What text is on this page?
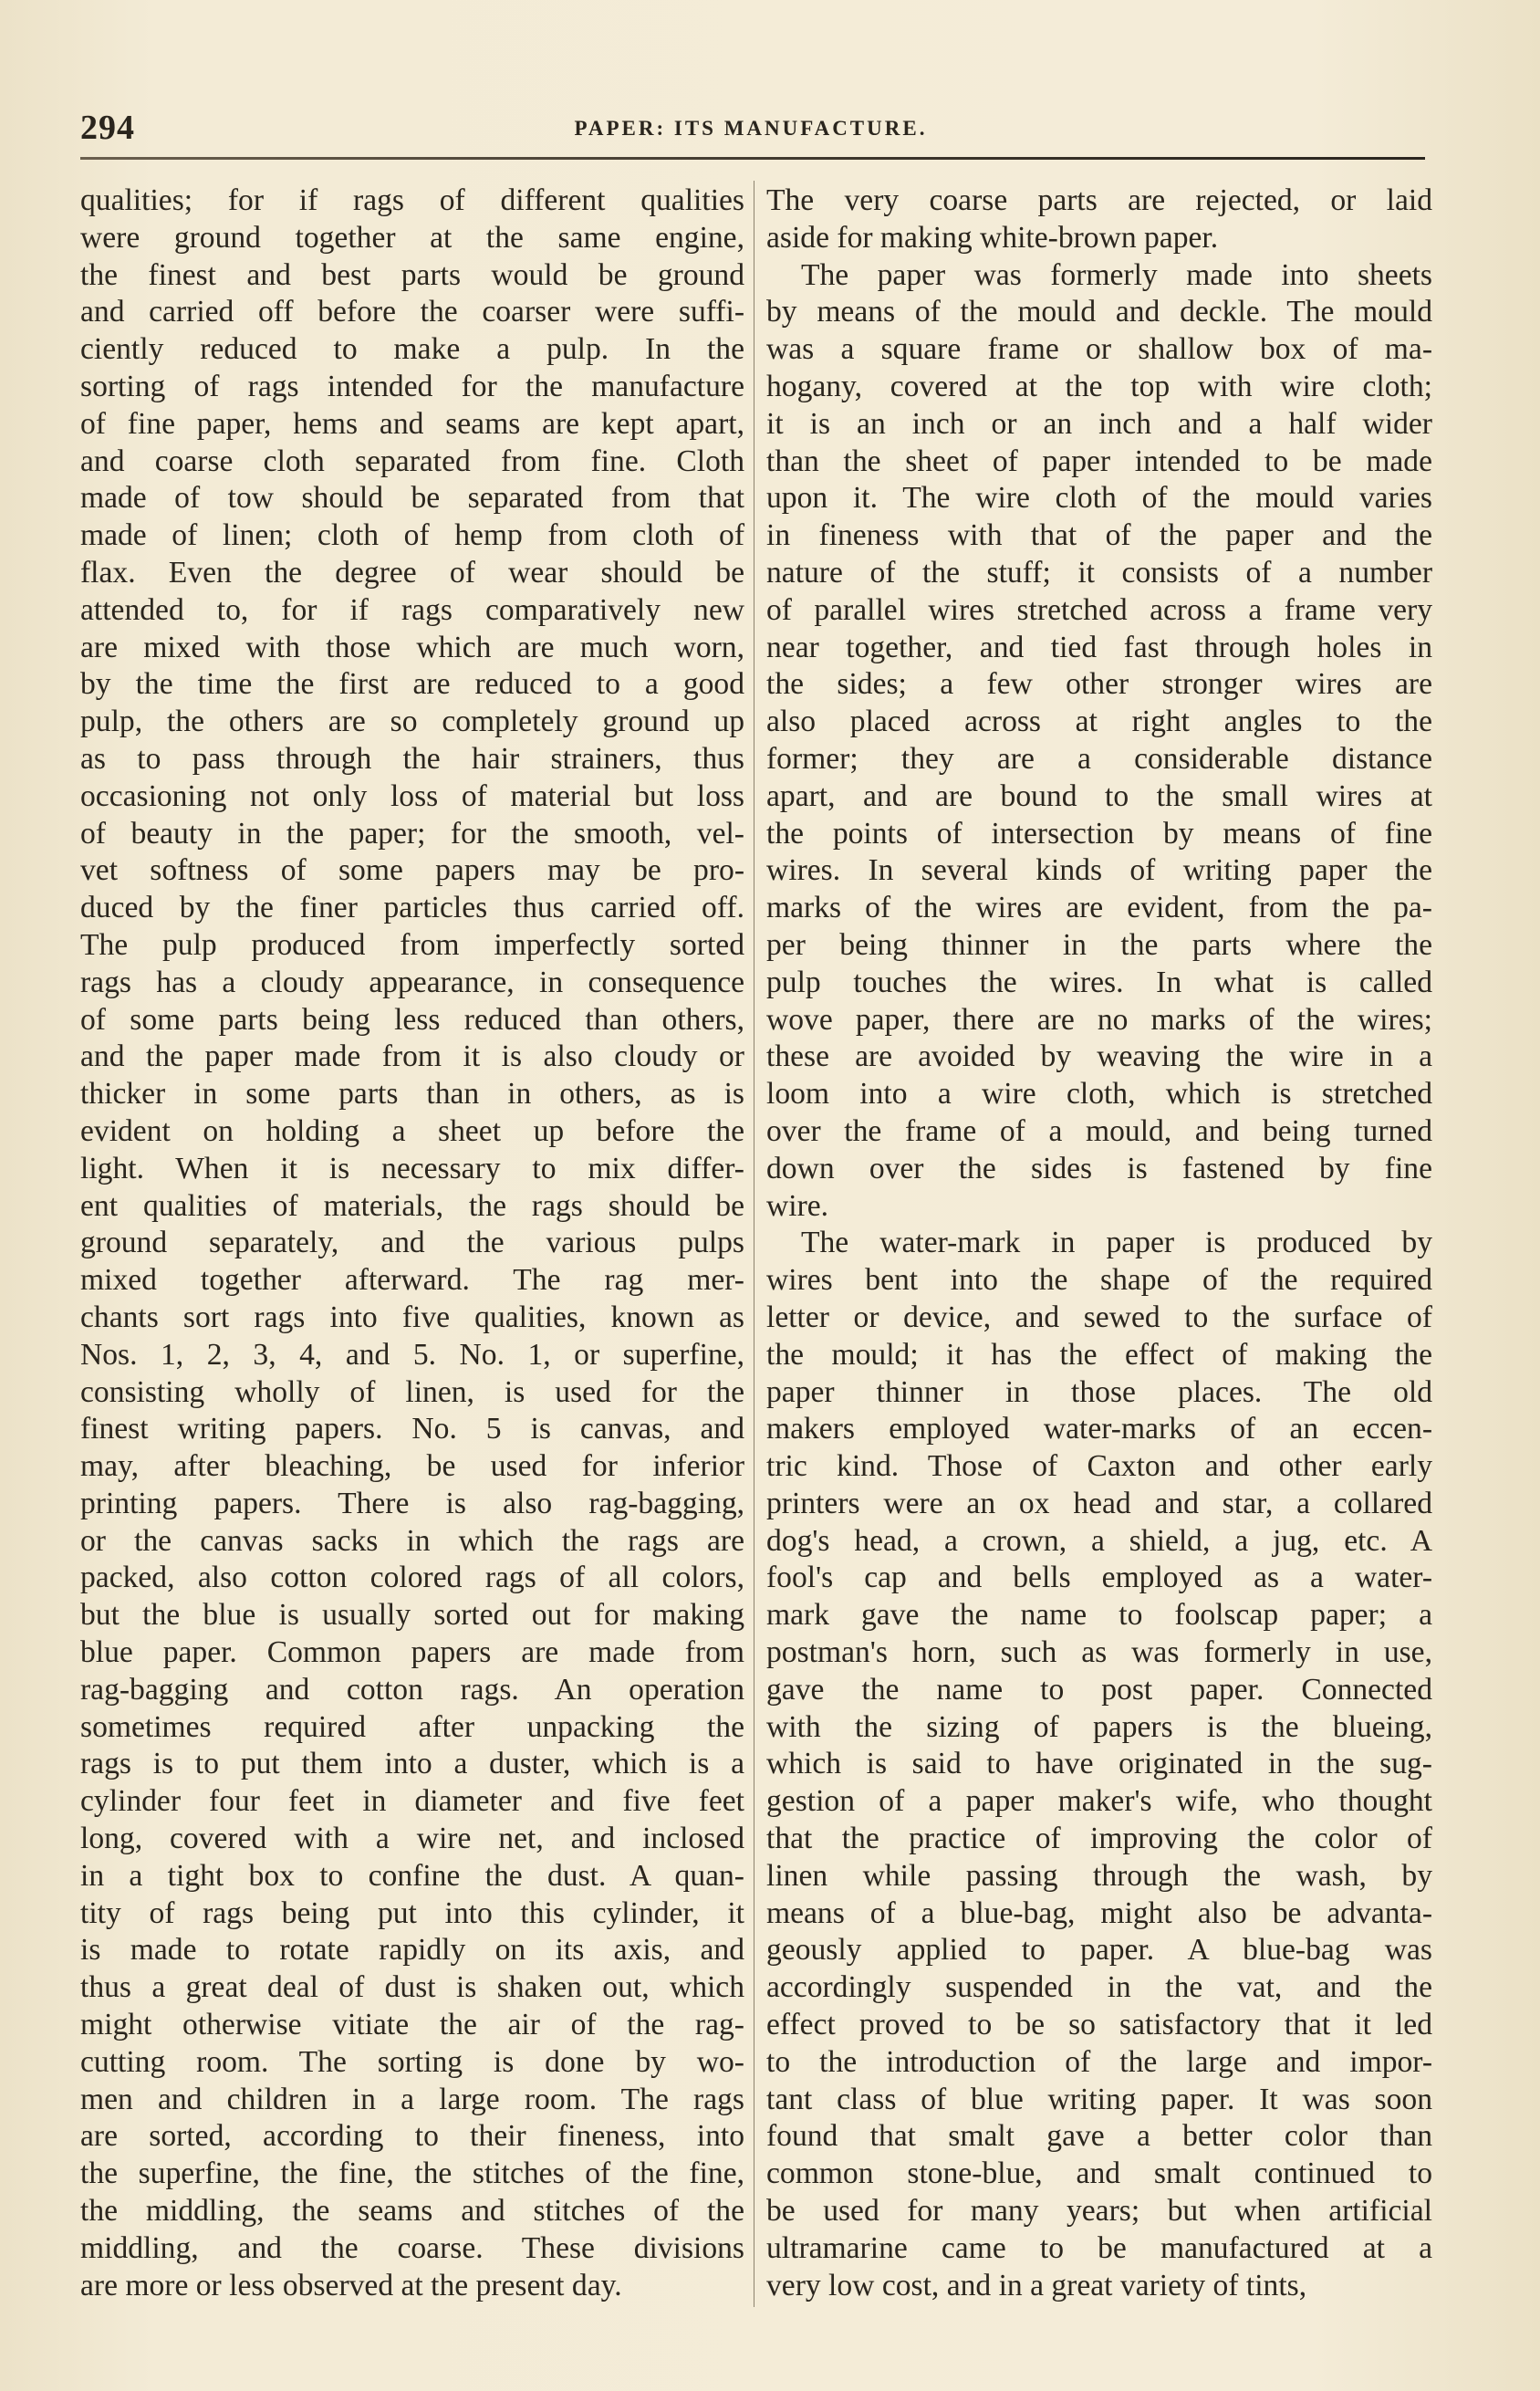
294	PAPER: ITS MANUFACTURE.
qualities; for if rags of different qualities
were ground together at the same engine,
the finest and best parts would be ground
and carried off before the coarser were suffi-
ciently reduced to make a pulp. In the
sorting of rags intended for the manufacture
of fine paper, hems and seams are kept apart,
and coarse cloth separated from fine. Cloth
made of tow should be separated from that
made of linen; cloth of hemp from cloth of
flax. Even the degree of wear should be
attended to, for if rags comparatively new
are mixed with those which are much worn,
by the time the first are reduced to a good
pulp, the others are so completely ground up
as to pass through the hair strainers, thus
occasioning not only loss of material but loss
of beauty in the paper; for the smooth, vel-
vet softness of some papers may be pro-
duced by the finer particles thus carried off.
The pulp produced from imperfectly sorted
rags has a cloudy appearance, in consequence
of some parts being less reduced than others,
and the paper made from it is also cloudy or
thicker in some parts than in others, as is
evident on holding a sheet up before the
light. When it is necessary to mix differ-
ent qualities of materials, the rags should be
ground separately, and the various pulps
mixed together afterward. The rag mer-
chants sort rags into five qualities, known as
Nos. 1, 2, 3, 4, and 5. No. 1, or superfine,
consisting wholly of linen, is used for the
finest writing papers. No. 5 is canvas, and
may, after bleaching, be used for inferior
printing papers. There is also rag-bagging,
or the canvas sacks in which the rags are
packed, also cotton colored rags of all colors,
but the blue is usually sorted out for making
blue paper. Common papers are made from
rag-bagging and cotton rags. An operation
sometimes required after unpacking the
rags is to put them into a duster, which is a
cylinder four feet in diameter and five feet
long, covered with a wire net, and inclosed
in a tight box to confine the dust. A quan-
tity of rags being put into this cylinder, it
is made to rotate rapidly on its axis, and
thus a great deal of dust is shaken out, which
might otherwise vitiate the air of the rag-
cutting room. The sorting is done by wo-
men and children in a large room. The rags
are sorted, according to their fineness, into
the superfine, the fine, the stitches of the fine,
the middling, the seams and stitches of the
middling, and the coarse. These divisions
are more or less observed at the present day.
The very coarse parts are rejected, or laid
aside for making white-brown paper.
The paper was formerly made into sheets
by means of the mould and deckle. The mould
was a square frame or shallow box of ma-
hogany, covered at the top with wire cloth;
it is an inch or an inch and a half wider
than the sheet of paper intended to be made
upon it. The wire cloth of the mould varies
in fineness with that of the paper and the
nature of the stuff; it consists of a number
of parallel wires stretched across a frame very
near together, and tied fast through holes in
the sides; a few other stronger wires are
also placed across at right angles to the
former; they are a considerable distance
apart, and are bound to the small wires at
the points of intersection by means of fine
wires. In several kinds of writing paper the
marks of the wires are evident, from the pa-
per being thinner in the parts where the
pulp touches the wires. In what is called
wove paper, there are no marks of the wires;
these are avoided by weaving the wire in a
loom into a wire cloth, which is stretched
over the frame of a mould, and being turned
down over the sides is fastened by fine
wire.
The water-mark in paper is produced by
wires bent into the shape of the required
letter or device, and sewed to the surface of
the mould; it has the effect of making the
paper thinner in those places. The old
makers employed water-marks of an eccen-
tric kind. Those of Caxton and other early
printers were an ox head and star, a collared
dog's head, a crown, a shield, a jug, etc. A
fool's cap and bells employed as a water-
mark gave the name to foolscap paper; a
postman's horn, such as was formerly in use,
gave the name to post paper. Connected
with the sizing of papers is the blueing,
which is said to have originated in the sug-
gestion of a paper maker's wife, who thought
that the practice of improving the color of
linen while passing through the wash, by
means of a blue-bag, might also be advanta-
geously applied to paper. A blue-bag was
accordingly suspended in the vat, and the
effect proved to be so satisfactory that it led
to the introduction of the large and impor-
tant class of blue writing paper. It was soon
found that smalt gave a better color than
common stone-blue, and smalt continued to
be used for many years; but when artificial
ultramarine came to be manufactured at a
very low cost, and in a great variety of tints,
